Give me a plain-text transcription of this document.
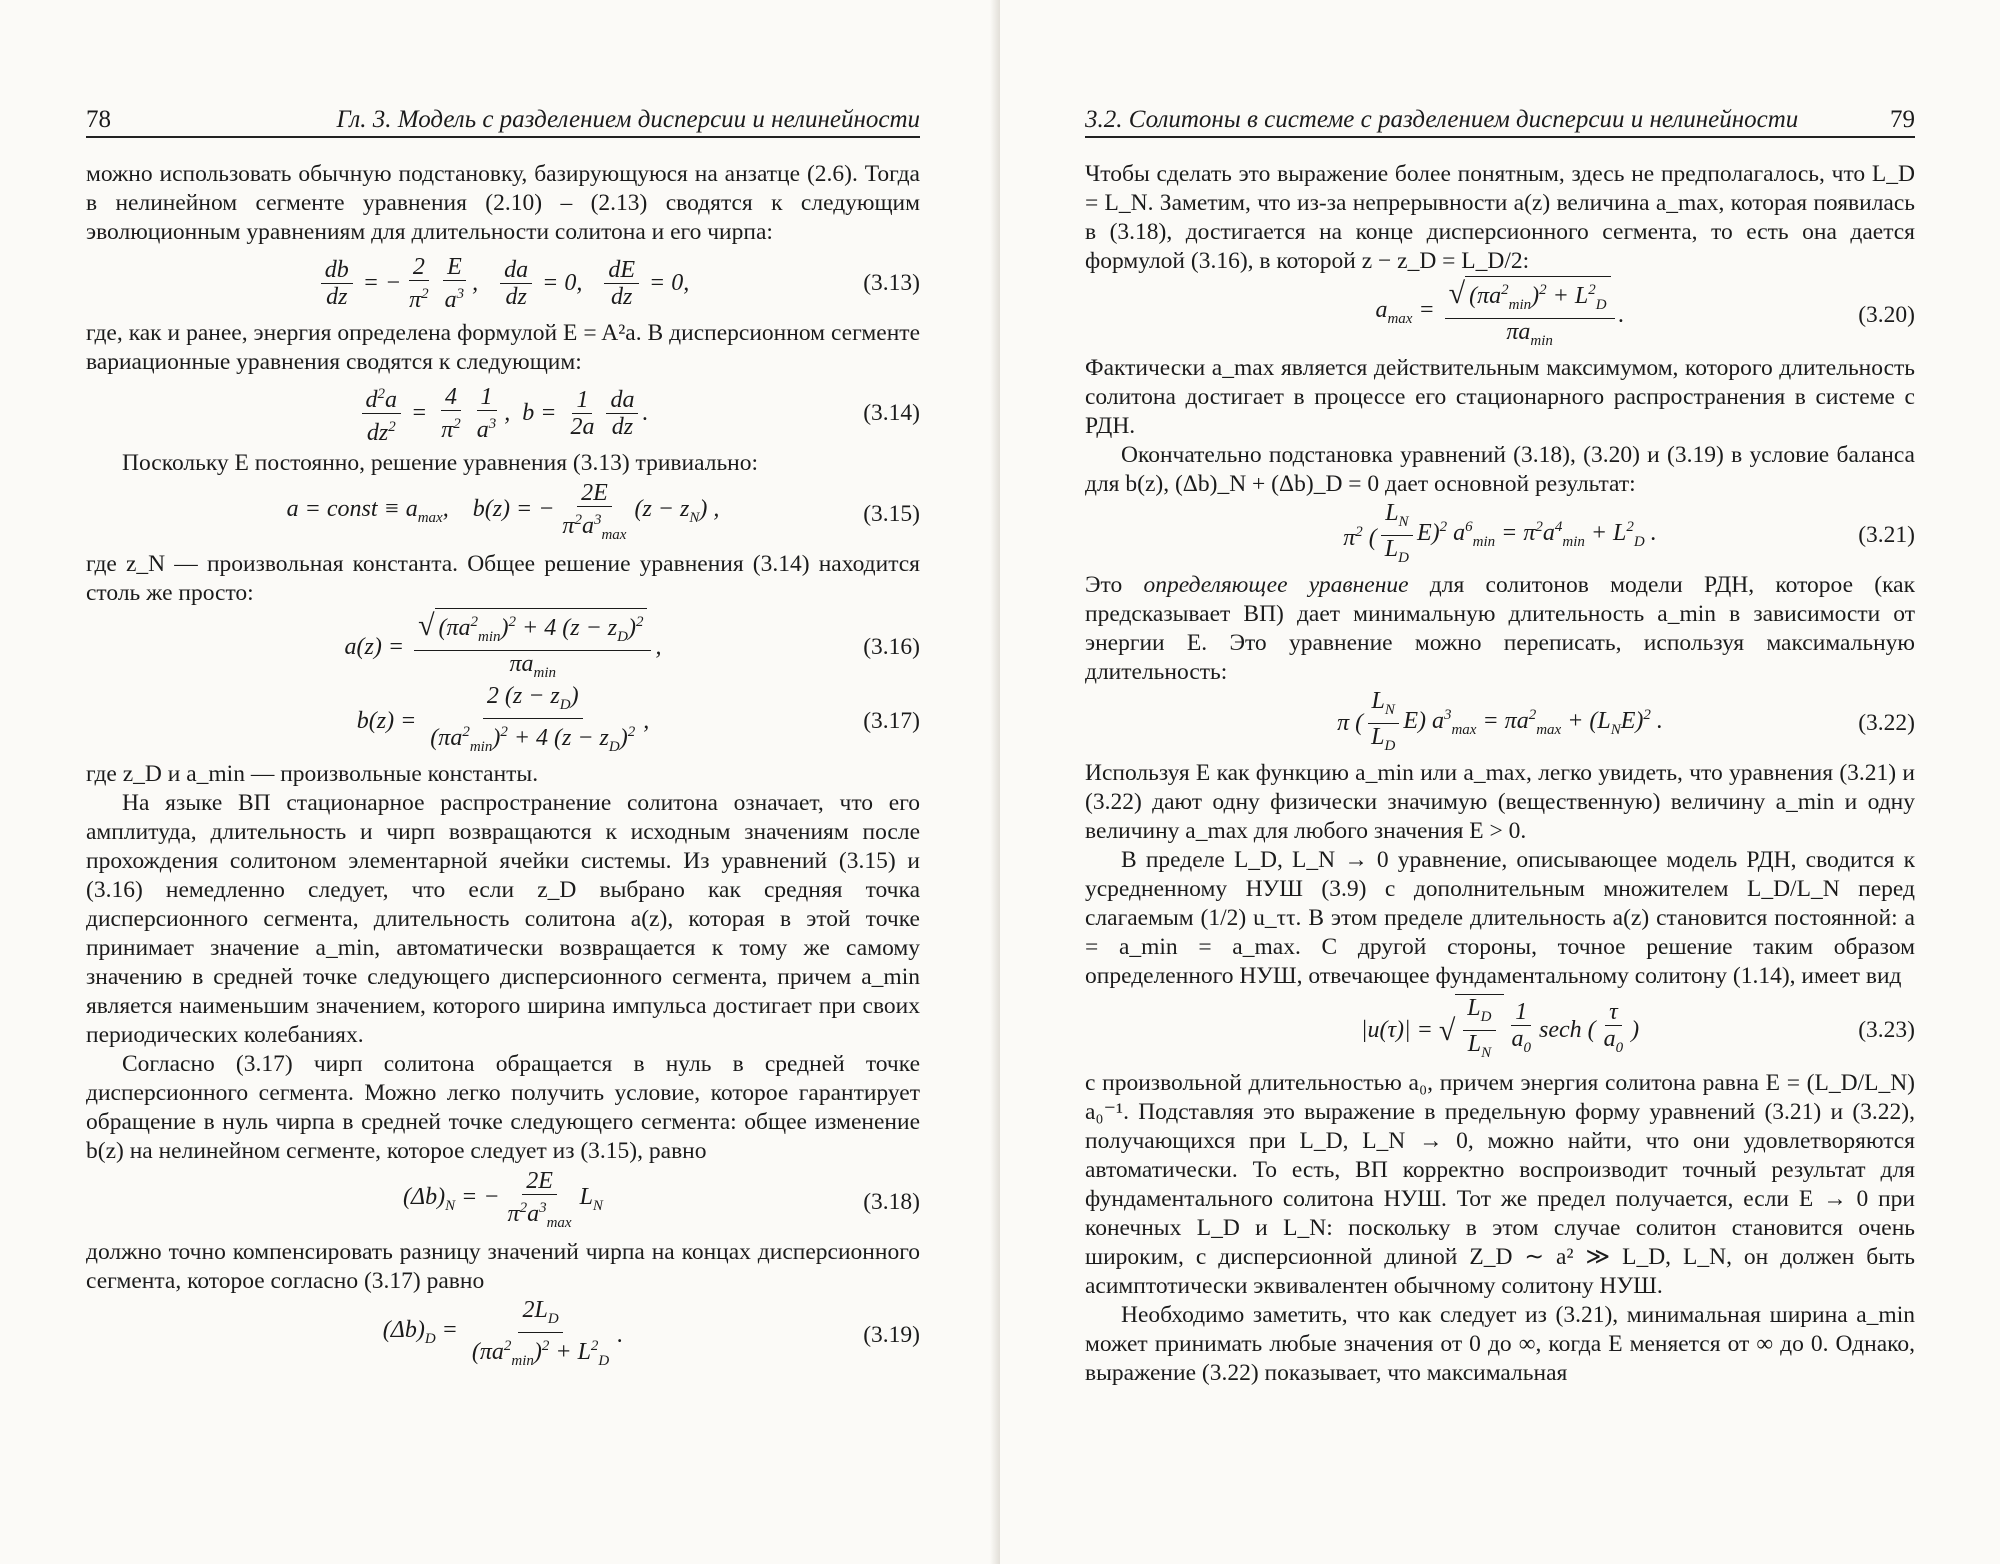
78	Гл. 3. Модель с разделением дисперсии и нелинейности

можно использовать обычную подстановку, базирующуюся на анзатце (2.6). Тогда в нелинейном сегменте уравнения (2.10) – (2.13) сводятся к следующим эволюционным уравнениям для длительности солитона и его чирпа:

$\frac{db}{dz}$ = − $\frac{2}{\pi^2} \frac{E}{a^3}$ , $\frac{da}{dz} = 0$, $\frac{dE}{dz} = 0$,	(3.13)

где, как и ранее, энергия определена формулой E = A²a. В дисперсионном сегменте вариационные уравнения сводятся к следующим:

$\frac{d^2a}{dz^2} = \frac{4}{\pi^2} \frac{1}{a^3}$ ,  $b = \frac{1}{2a} \frac{da}{dz}$ .	(3.14)

Поскольку E постоянно, решение уравнения (3.13) тривиально:

a = const ≡ $a_{max}$,    b(z) = − $\frac{2E}{\pi^2a^3_{max}} (z - z_N)$ ,	(3.15)

где z_N — произвольная константа. Общее решение уравнения (3.14) находится столь же просто:

$a(z) = \frac{√ (\pi a^2_{min})^2 + 4 (z - z_D)^2}{\pi a_{min}}$ ,	(3.16)
$b(z) = \frac{2 (z - z_D)}{(\pi a^2_{min})^2 + 4 (z - z_D)^2}$ ,	(3.17)

где z_D и a_min — произвольные константы.

На языке ВП стационарное распространение солитона означает, что его амплитуда, длительность и чирп возвращаются к исходным значениям после прохождения солитоном элементарной ячейки системы. Из уравнений (3.15) и (3.16) немедленно следует, что если z_D выбрано как средняя точка дисперсионного сегмента, длительность солитона a(z), которая в этой точке принимает значение a_min, автоматически возвращается к тому же самому значению в средней точке следующего дисперсионного сегмента, причем a_min является наименьшим значением, которого ширина импульса достигает при своих периодических колебаниях.

Согласно (3.17) чирп солитона обращается в нуль в средней точке дисперсионного сегмента. Можно легко получить условие, которое гарантирует обращение в нуль чирпа в средней точке следующего сегмента: общее изменение b(z) на нелинейном сегменте, которое следует из (3.15), равно

$(\Delta b)_N$ = − $\frac{2E}{\pi^2a^3_{max}} L_N$	(3.18)

должно точно компенсировать разницу значений чирпа на концах дисперсионного сегмента, которое согласно (3.17) равно

$(\Delta b)_D = \frac{2L_D}{(\pi a^2_{min})^2 + L^2_D}$ .	(3.19)
3.2. Солитоны в системе с разделением дисперсии и нелинейности	79

Чтобы сделать это выражение более понятным, здесь не предполагалось, что L_D = L_N. Заметим, что из-за непрерывности a(z) величина a_max, которая появилась в (3.18), достигается на конце дисперсионного сегмента, то есть она дается формулой (3.16), в которой z − z_D = L_D/2:

$a_{max} = \frac{√ (\pi a^2_{min})^2 + L^2_D}{\pi a_{min}}$ .	(3.20)

Фактически a_max является действительным максимумом, которого длительность солитона достигает в процессе его стационарного распространения в системе с РДН.

Окончательно подстановка уравнений (3.18), (3.20) и (3.19) в условие баланса для b(z), (Δb)_N + (Δb)_D = 0 дает основной результат:

$\pi^2$ ( $\frac{L_N}{L_D} E)^2$ $a^6_{min} = \pi^2a^4_{min} + L^2_D$ .	(3.21)

Это определяющее уравнение для солитонов модели РДН, которое (как предсказывает ВП) дает минимальную длительность a_min в зависимости от энергии E. Это уравнение можно переписать, используя максимальную длительность:

π ( $\frac{L_N}{L_D} E$) $a^3_{max} = \pi a^2_{max} + (L_NE)^2$ .	(3.22)

Используя E как функцию a_min или a_max, легко увидеть, что уравнения (3.21) и (3.22) дают одну физически значимую (вещественную) величину a_min и одну величину a_max для любого значения E > 0.

В пределе L_D, L_N → 0 уравнение, описывающее модель РДН, сводится к усредненному НУШ (3.9) с дополнительным множителем L_D/L_N перед слагаемым (1/2) u_ττ. В этом пределе длительность a(z) становится постоянной: a = a_min = a_max. С другой стороны, точное решение таким образом определенного НУШ, отвечающее фундаментальному солитону (1.14), имеет вид

|u(τ)| = √ $\frac{L_D}{L_N} \frac{1}{a_0}$ sech ( $\frac{\tau}{a_0}$ )	(3.23)

с произвольной длительностью a₀, причем энергия солитона равна E = (L_D/L_N) a₀⁻¹. Подставляя это выражение в предельную форму уравнений (3.21) и (3.22), получающихся при L_D, L_N → 0, можно найти, что они удовлетворяются автоматически. То есть, ВП корректно воспроизводит точный результат для фундаментального солитона НУШ. Тот же предел получается, если E → 0 при конечных L_D и L_N: поскольку в этом случае солитон становится очень широким, с дисперсионной длиной Z_D ∼ a² ≫ L_D, L_N, он должен быть асимптотически эквивалентен обычному солитону НУШ.

Необходимо заметить, что как следует из (3.21), минимальная ширина a_min может принимать любые значения от 0 до ∞, когда E меняется от ∞ до 0. Однако, выражение (3.22) показывает, что максимальная
